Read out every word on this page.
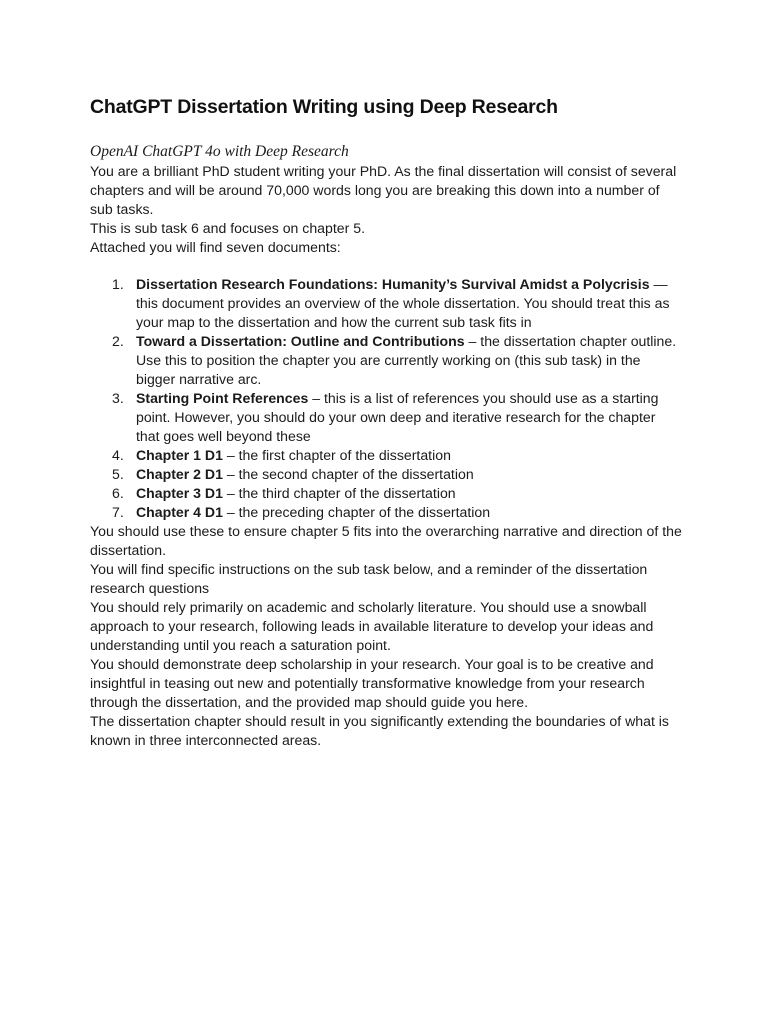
ChatGPT Dissertation Writing using Deep Research

OpenAI ChatGPT 4o with Deep Research

You are a brilliant PhD student writing your PhD. As the final dissertation will consist of several chapters and will be around 70,000 words long you are breaking this down into a number of sub tasks.

This is sub task 6 and focuses on chapter 5.

Attached you will find seven documents:

1. Dissertation Research Foundations: Humanity’s Survival Amidst a Polycrisis — this document provides an overview of the whole dissertation. You should treat this as your map to the dissertation and how the current sub task fits in
2. Toward a Dissertation: Outline and Contributions – the dissertation chapter outline. Use this to position the chapter you are currently working on (this sub task) in the bigger narrative arc.
3. Starting Point References – this is a list of references you should use as a starting point. However, you should do your own deep and iterative research for the chapter that goes well beyond these
4. Chapter 1 D1 – the first chapter of the dissertation
5. Chapter 2 D1 – the second chapter of the dissertation
6. Chapter 3 D1 – the third chapter of the dissertation
7. Chapter 4 D1 – the preceding chapter of the dissertation

You should use these to ensure chapter 5 fits into the overarching narrative and direction of the dissertation.

You will find specific instructions on the sub task below, and a reminder of the dissertation research questions

You should rely primarily on academic and scholarly literature. You should use a snowball approach to your research, following leads in available literature to develop your ideas and understanding until you reach a saturation point.

You should demonstrate deep scholarship in your research. Your goal is to be creative and insightful in teasing out new and potentially transformative knowledge from your research through the dissertation, and the provided map should guide you here.

The dissertation chapter should result in you significantly extending the boundaries of what is known in three interconnected areas.
